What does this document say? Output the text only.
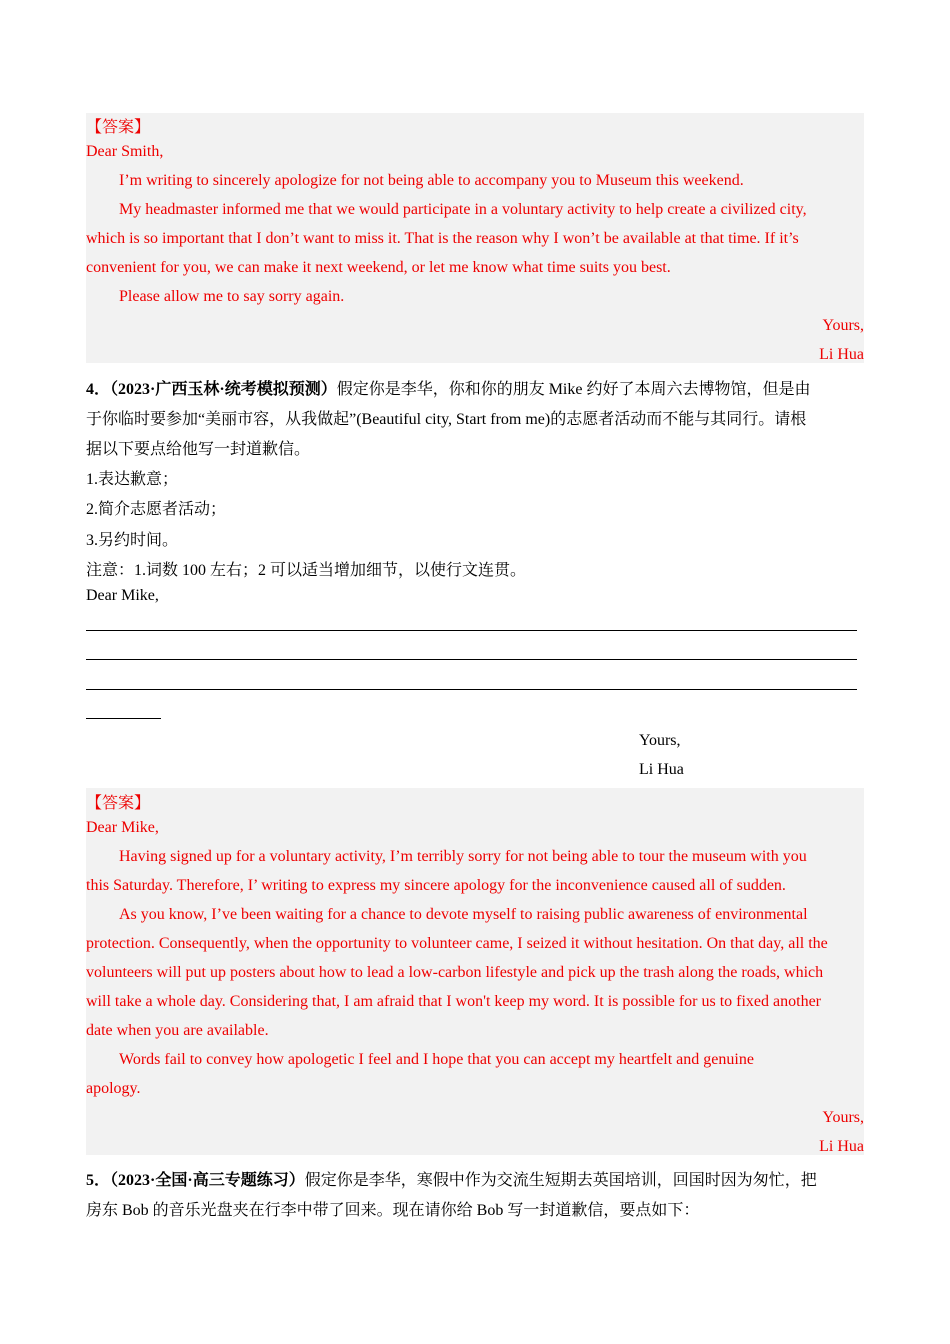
【答案】
Dear Smith,
I’m writing to sincerely apologize for not being able to accompany you to Museum this weekend.
My headmaster informed me that we would participate in a voluntary activity to help create a civilized city,
which is so important that I don’t want to miss it. That is the reason why I won’t be available at that time. If it’s
convenient for you, we can make it next weekend, or let me know what time suits you best.
Please allow me to say sorry again.
Yours,
Li Hua
4．（2023·广西玉林·统考模拟预测）假定你是李华，你和你的朋友 Mike 约好了本周六去博物馆，但是由
于你临时要参加“美丽市容，从我做起”(Beautiful city, Start from me)的志愿者活动而不能与其同行。请根
据以下要点给他写一封道歉信。
1.表达歉意；
2.简介志愿者活动；
3.另约时间。
注意：1.词数 100 左右；2 可以适当增加细节，以使行文连贯。
Dear Mike,
Yours,
Li Hua
【答案】
Dear Mike,
Having signed up for a voluntary activity, I’m terribly sorry for not being able to tour the museum with you
this Saturday. Therefore, I’ writing to express my sincere apology for the inconvenience caused all of sudden.
As you know, I’ve been waiting for a chance to devote myself to raising public awareness of environmental
protection. Consequently, when the opportunity to volunteer came, I seized it without hesitation. On that day, all the
volunteers will put up posters about how to lead a low-carbon lifestyle and pick up the trash along the roads, which
will take a whole day. Considering that, I am afraid that I won't keep my word. It is possible for us to fixed another
date when you are available.
Words fail to convey how apologetic I feel and I hope that you can accept my heartfelt and genuine
apology.
Yours,
Li Hua
5．（2023·全国·高三专题练习）假定你是李华，寒假中作为交流生短期去英国培训，回国时因为匆忙，把
房东 Bob 的音乐光盘夹在行李中带了回来。现在请你给 Bob 写一封道歉信，要点如下：
